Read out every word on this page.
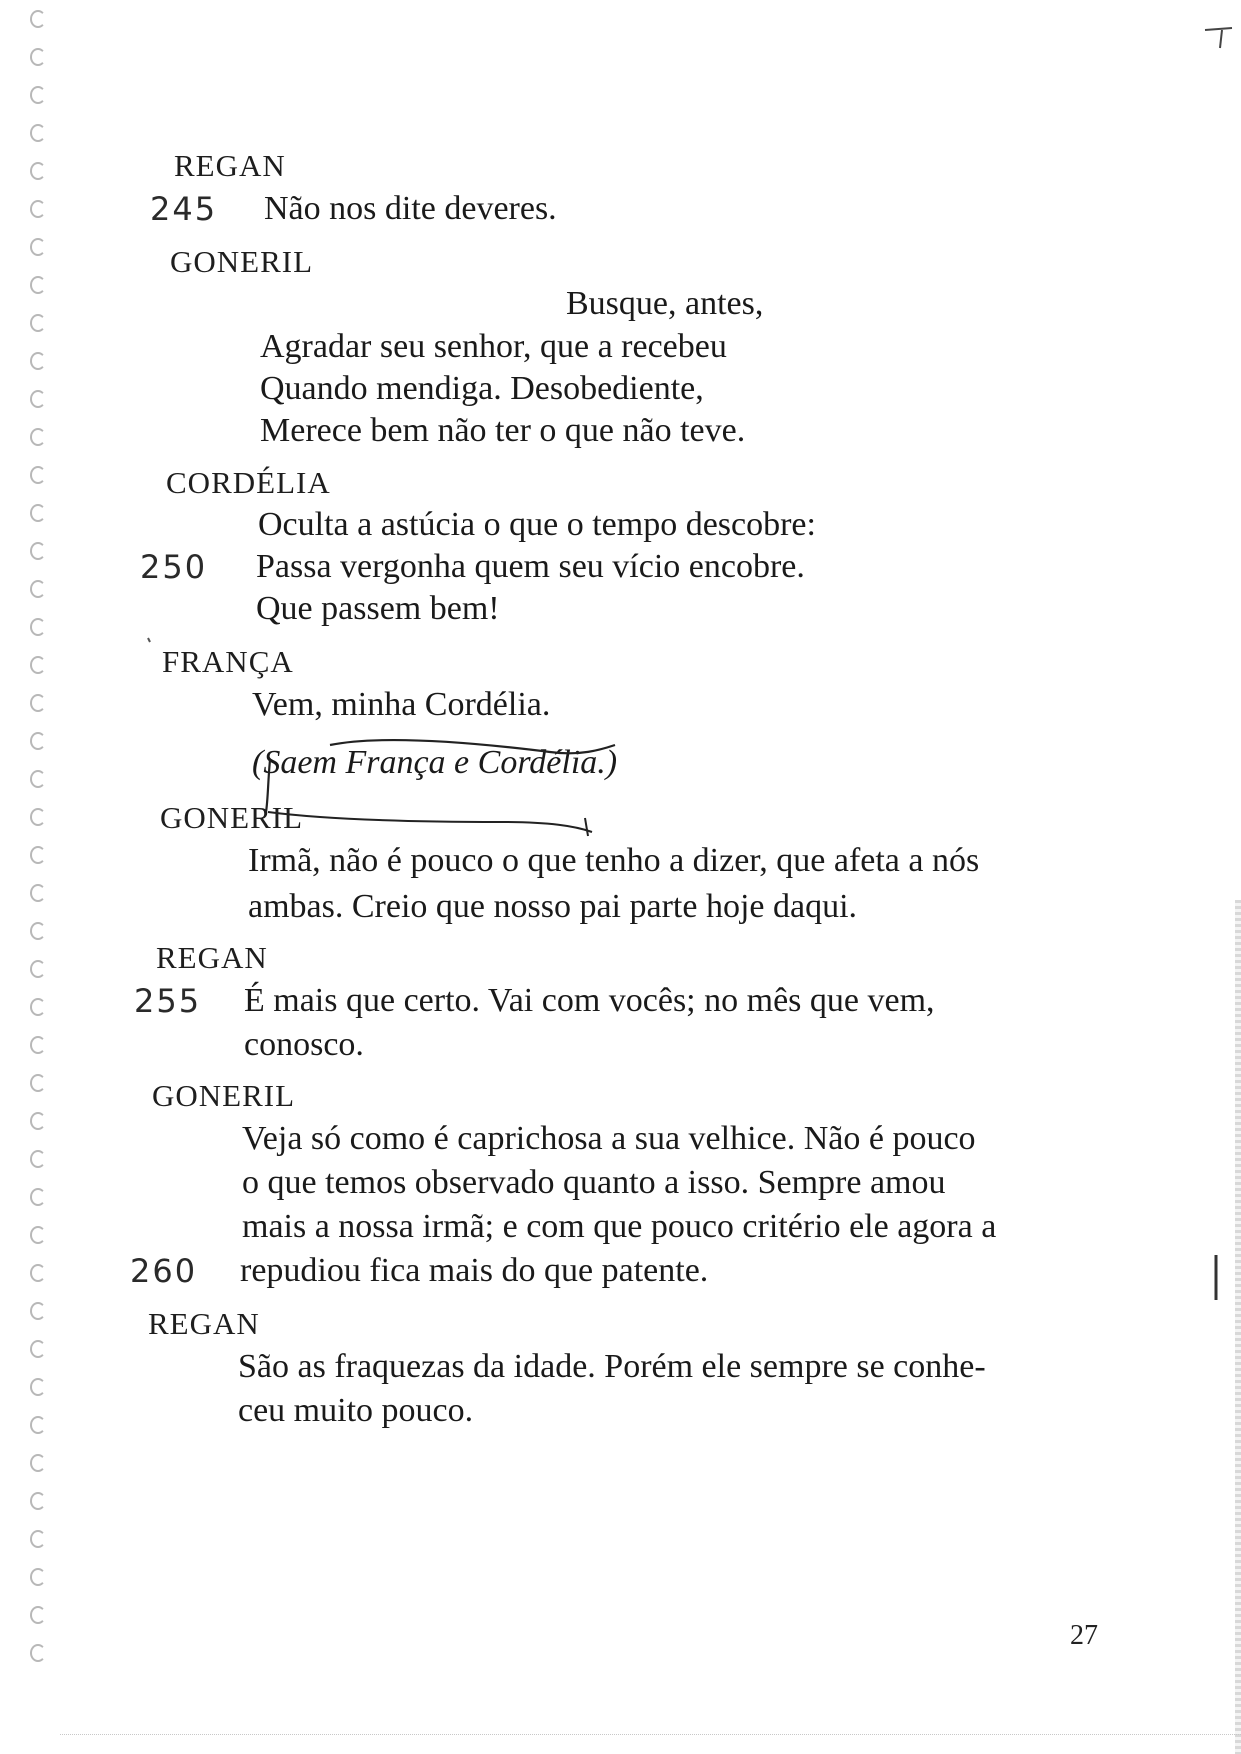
REGAN
245 Não nos dite deveres.
GONERIL
Busque, antes,
Agradar seu senhor, que a recebeu
Quando mendiga. Desobediente,
Merece bem não ter o que não teve.
CORDÉLIA
Oculta a astúcia o que o tempo descobre:
250 Passa vergonha quem seu vício encobre.
Que passem bem!
FRANÇA
Vem, minha Cordélia.
(Saem França e Cordélia.)
GONERIL
Irmã, não é pouco o que tenho a dizer, que afeta a nós
ambas. Creio que nosso pai parte hoje daqui.
REGAN
255 É mais que certo. Vai com vocês; no mês que vem,
conosco.
GONERIL
Veja só como é caprichosa a sua velhice. Não é pouco
o que temos observado quanto a isso. Sempre amou
mais a nossa irmã; e com que pouco critério ele agora a
260 repudiou fica mais do que patente.
REGAN
São as fraquezas da idade. Porém ele sempre se conhe-
ceu muito pouco.
27
